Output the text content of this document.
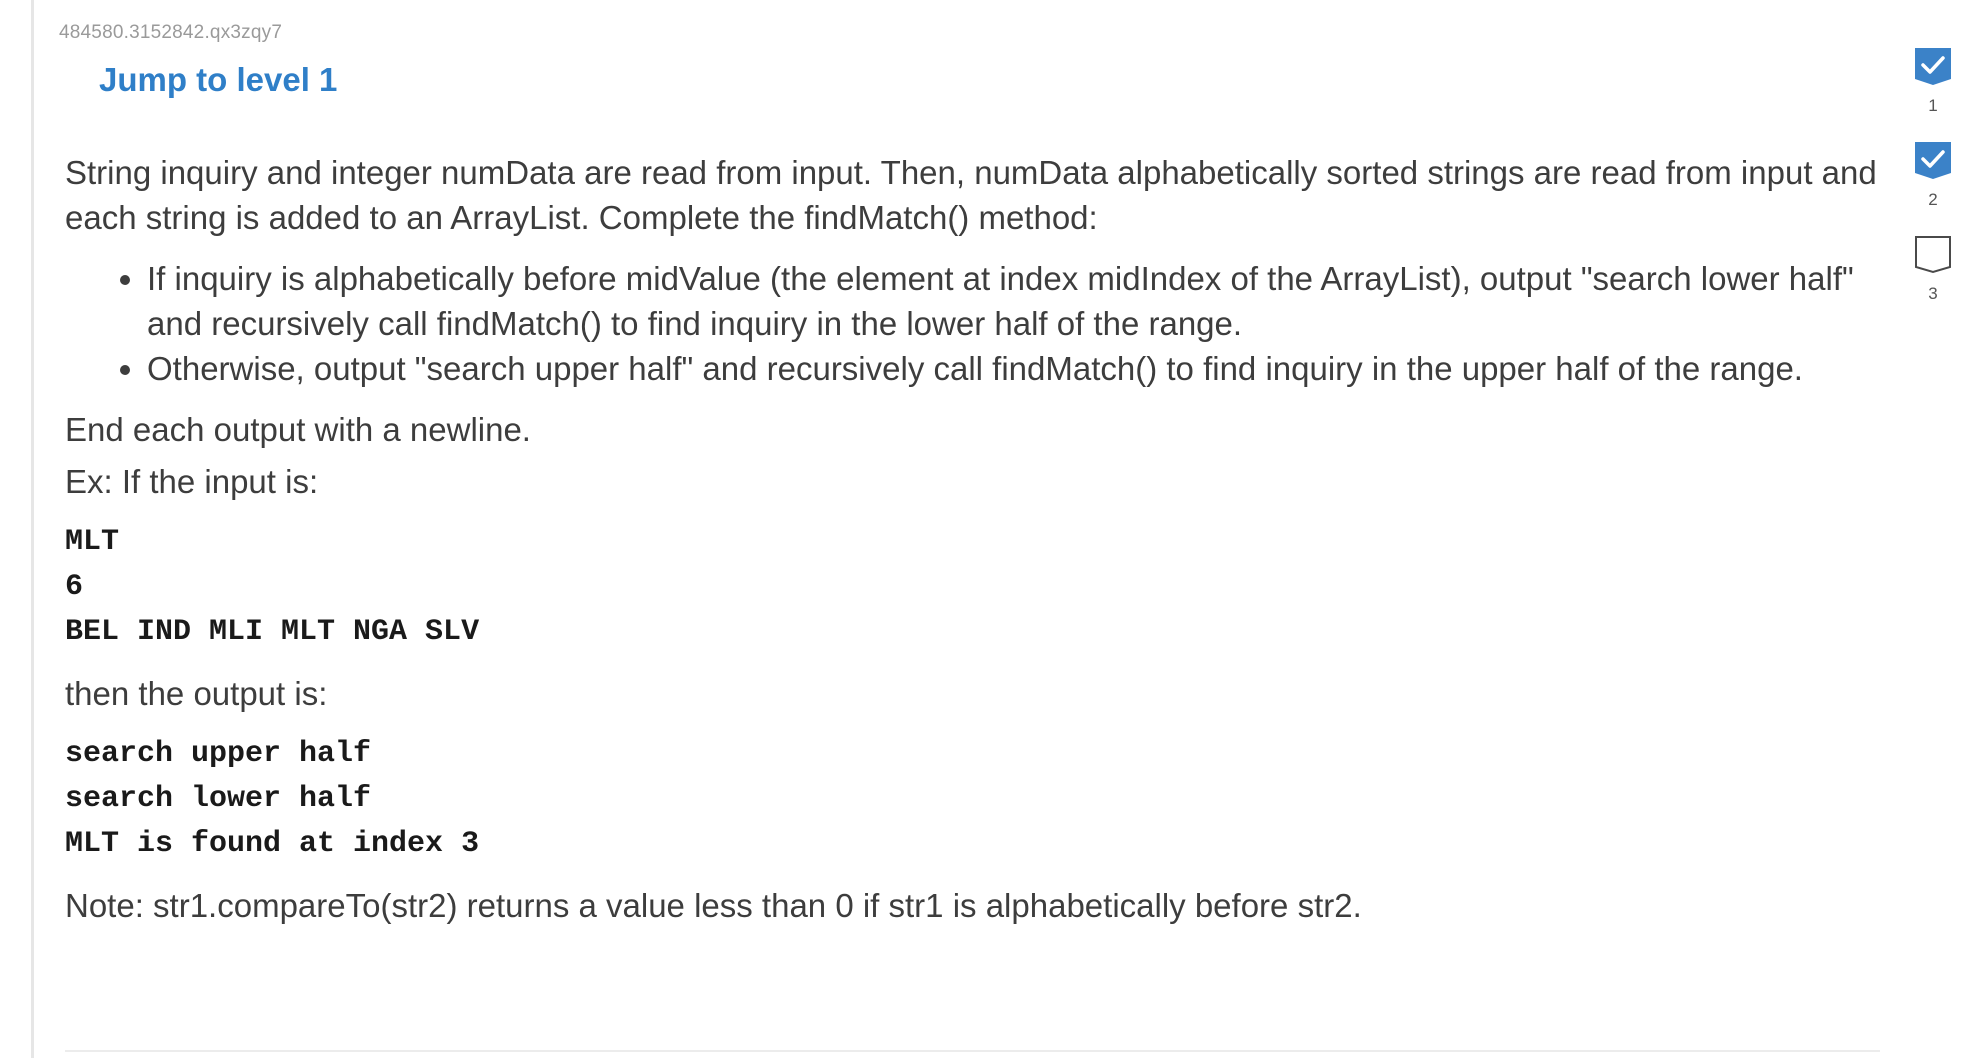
484580.3152842.qx3zqy7
Jump to level 1

String inquiry and integer numData are read from input. Then, numData alphabetically sorted strings are read from input and each string is added to an ArrayList. Complete the findMatch() method:

• If inquiry is alphabetically before midValue (the element at index midIndex of the ArrayList), output "search lower half" and recursively call findMatch() to find inquiry in the lower half of the range.
• Otherwise, output "search upper half" and recursively call findMatch() to find inquiry in the upper half of the range.

End each output with a newline.

Ex: If the input is:

MLT
6
BEL IND MLI MLT NGA SLV

then the output is:

search upper half
search lower half
MLT is found at index 3

Note: str1.compareTo(str2) returns a value less than 0 if str1 is alphabetically before str2.

1
2
3
